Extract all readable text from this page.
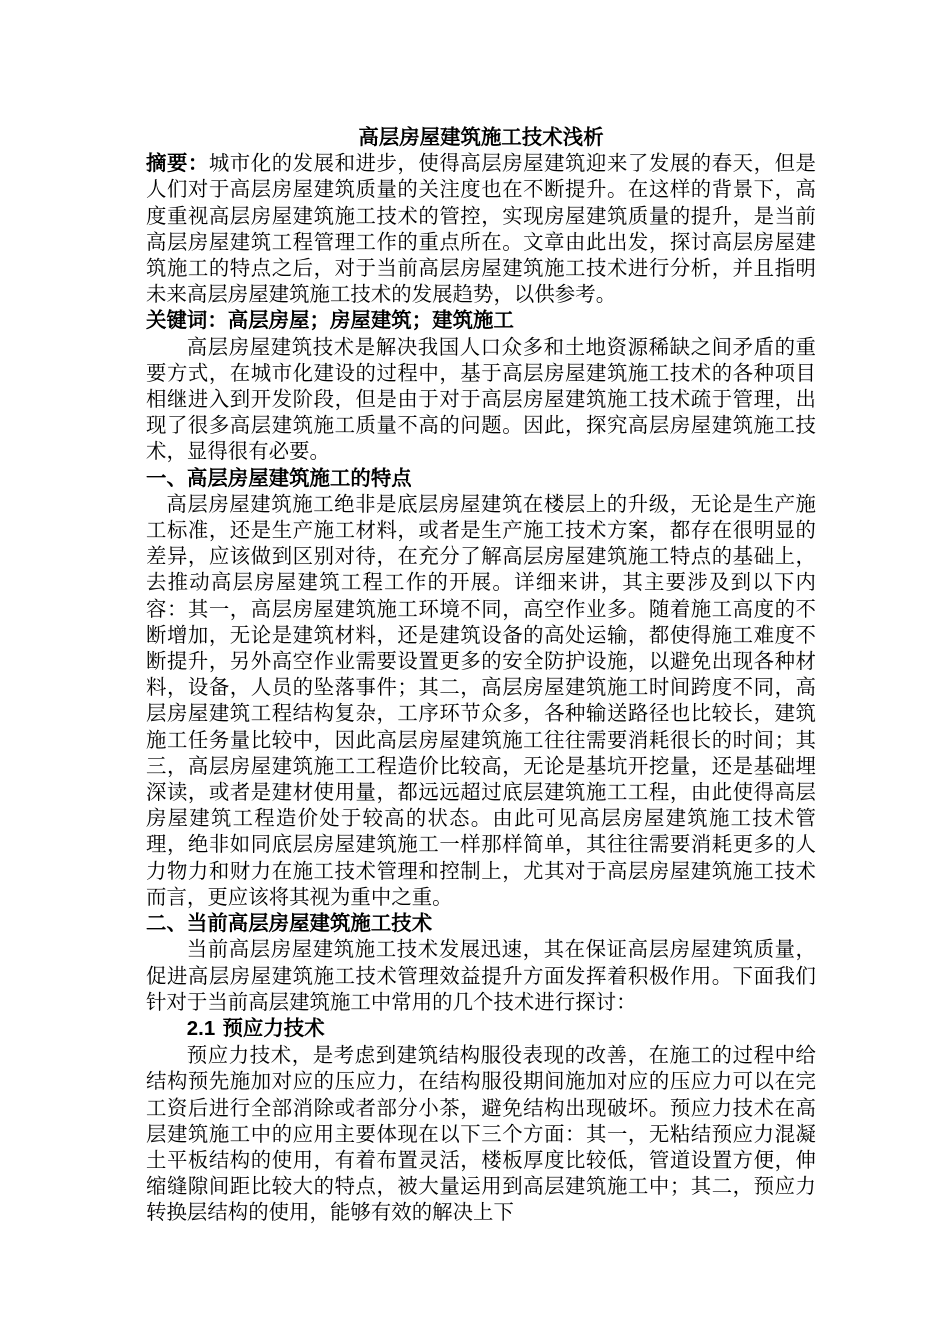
高层房屋建筑施工技术浅析

摘要：城市化的发展和进步，使得高层房屋建筑迎来了发展的春天，但是人们对于高层房屋建筑质量的关注度也在不断提升。在这样的背景下，高度重视高层房屋建筑施工技术的管控，实现房屋建筑质量的提升，是当前高层房屋建筑工程管理工作的重点所在。文章由此出发，探讨高层房屋建筑施工的特点之后，对于当前高层房屋建筑施工技术进行分析，并且指明未来高层房屋建筑施工技术的发展趋势，以供参考。

关键词：高层房屋；房屋建筑；建筑施工

高层房屋建筑技术是解决我国人口众多和土地资源稀缺之间矛盾的重要方式，在城市化建设的过程中，基于高层房屋建筑施工技术的各种项目相继进入到开发阶段，但是由于对于高层房屋建筑施工技术疏于管理，出现了很多高层建筑施工质量不高的问题。因此，探究高层房屋建筑施工技术，显得很有必要。

一、高层房屋建筑施工的特点

高层房屋建筑施工绝非是底层房屋建筑在楼层上的升级，无论是生产施工标准，还是生产施工材料，或者是生产施工技术方案，都存在很明显的差异，应该做到区别对待，在充分了解高层房屋建筑施工特点的基础上，去推动高层房屋建筑工程工作的开展。详细来讲，其主要涉及到以下内容：其一，高层房屋建筑施工环境不同，高空作业多。随着施工高度的不断增加，无论是建筑材料，还是建筑设备的高处运输，都使得施工难度不断提升，另外高空作业需要设置更多的安全防护设施，以避免出现各种材料，设备，人员的坠落事件；其二，高层房屋建筑施工时间跨度不同，高层房屋建筑工程结构复杂，工序环节众多，各种输送路径也比较长，建筑施工任务量比较中，因此高层房屋建筑施工往往需要消耗很长的时间；其三，高层房屋建筑施工工程造价比较高，无论是基坑开挖量，还是基础埋深读，或者是建材使用量，都远远超过底层建筑施工工程，由此使得高层房屋建筑工程造价处于较高的状态。由此可见高层房屋建筑施工技术管理，绝非如同底层房屋建筑施工一样那样简单，其往往需要消耗更多的人力物力和财力在施工技术管理和控制上，尤其对于高层房屋建筑施工技术而言，更应该将其视为重中之重。

二、当前高层房屋建筑施工技术

当前高层房屋建筑施工技术发展迅速，其在保证高层房屋建筑质量，促进高层房屋建筑施工技术管理效益提升方面发挥着积极作用。下面我们针对于当前高层建筑施工中常用的几个技术进行探讨：

2.1 预应力技术

预应力技术，是考虑到建筑结构服役表现的改善，在施工的过程中给结构预先施加对应的压应力，在结构服役期间施加对应的压应力可以在完工资后进行全部消除或者部分小茶，避免结构出现破坏。预应力技术在高层建筑施工中的应用主要体现在以下三个方面：其一，无粘结预应力混凝土平板结构的使用，有着布置灵活，楼板厚度比较低，管道设置方便，伸缩缝隙间距比较大的特点，被大量运用到高层建筑施工中；其二，预应力转换层结构的使用，能够有效的解决上下
